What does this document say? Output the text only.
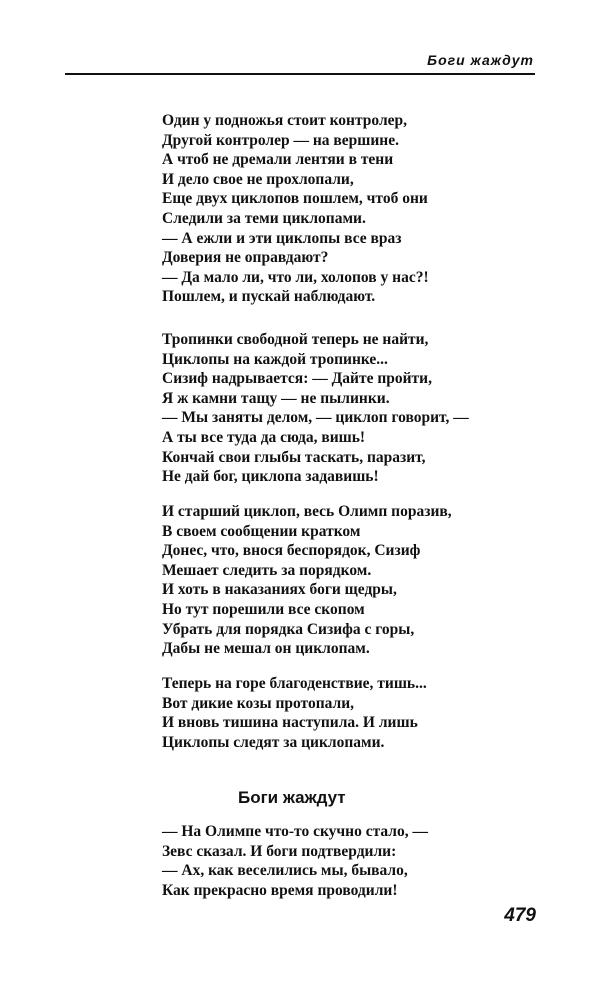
Боги жаждут
Один у подножья стоит контролер,
Другой контролер — на вершине.
А чтоб не дремали лентяи в тени
И дело свое не прохлопали,
Еще двух циклопов пошлем, чтоб они
Следили за теми циклопами.
— А ежли и эти циклопы все враз
Доверия не оправдают?
— Да мало ли, что ли, холопов у нас?!
Пошлем, и пускай наблюдают.
Тропинки свободной теперь не найти,
Циклопы на каждой тропинке...
Сизиф надрывается: — Дайте пройти,
Я ж камни тащу — не пылинки.
— Мы заняты делом, — циклоп говорит, —
А ты все туда да сюда, вишь!
Кончай свои глыбы таскать, паразит,
Не дай бог, циклопа задавишь!
И старший циклоп, весь Олимп поразив,
В своем сообщении кратком
Донес, что, внося беспорядок, Сизиф
Мешает следить за порядком.
И хоть в наказаниях боги щедры,
Но тут порешили все скопом
Убрать для порядка Сизифа с горы,
Дабы не мешал он циклопам.
Теперь на горе благоденствие, тишь...
Вот дикие козы протопали,
И вновь тишина наступила. И лишь
Циклопы следят за циклопами.
Боги жаждут
— На Олимпе что-то скучно стало, —
Зевс сказал. И боги подтвердили:
— Ах, как веселились мы, бывало,
Как прекрасно время проводили!
479
